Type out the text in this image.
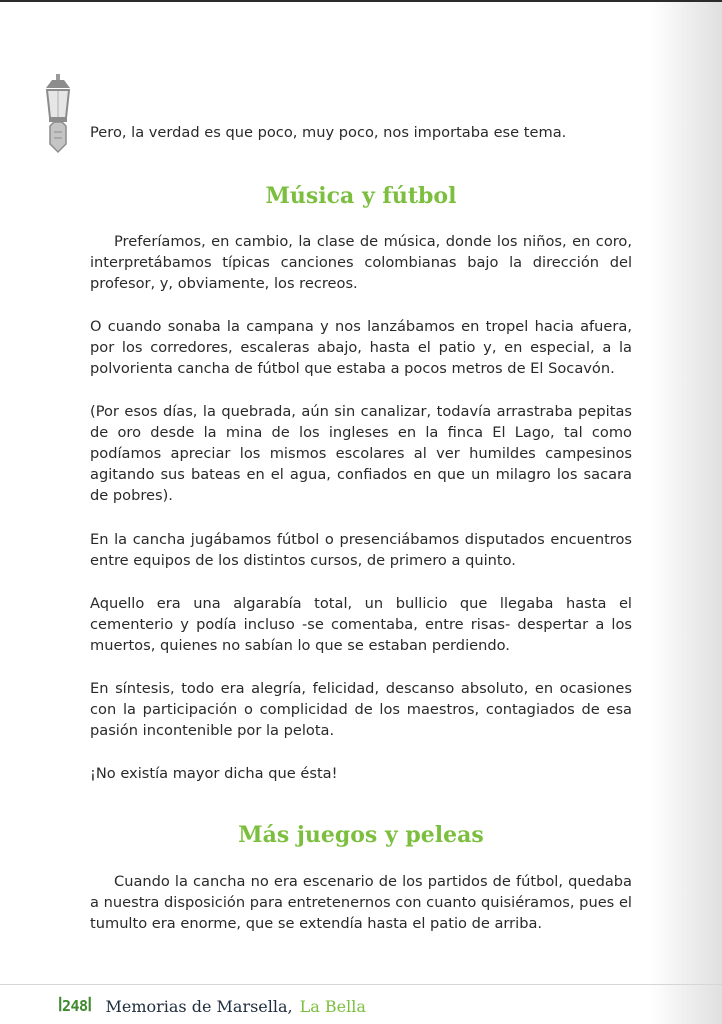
Pero, la verdad es que poco, muy poco, nos importaba ese tema.

Música y fútbol

Preferíamos, en cambio, la clase de música, donde los niños, en coro, interpretábamos típicas canciones colombianas bajo la dirección del profesor, y, obviamente, los recreos.

O cuando sonaba la campana y nos lanzábamos en tropel hacia afuera, por los corredores, escaleras abajo, hasta el patio y, en especial, a la polvorienta cancha de fútbol que estaba a pocos metros de El Socavón.

(Por esos días, la quebrada, aún sin canalizar, todavía arrastraba pepitas de oro desde la mina de los ingleses en la finca El Lago, tal como podíamos apreciar los mismos escolares al ver humildes campesinos agitando sus bateas en el agua, confiados en que un milagro los sacara de pobres).

En la cancha jugábamos fútbol o presenciábamos disputados encuentros entre equipos de los distintos cursos, de primero a quinto.

Aquello era una algarabía total, un bullicio que llegaba hasta el cementerio y podía incluso -se comentaba, entre risas- despertar a los muertos, quienes no sabían lo que se estaban perdiendo.

En síntesis, todo era alegría, felicidad, descanso absoluto, en ocasiones con la participación o complicidad de los maestros, contagiados de esa pasión incontenible por la pelota.

¡No existía mayor dicha que ésta!

Más juegos y peleas

Cuando la cancha no era escenario de los partidos de fútbol, quedaba a nuestra disposición para entretenernos con cuanto quisiéramos, pues el tumulto era enorme, que se extendía hasta el patio de arriba.

ꟾ248ꟾ Memorias de Marsella, La Bella
